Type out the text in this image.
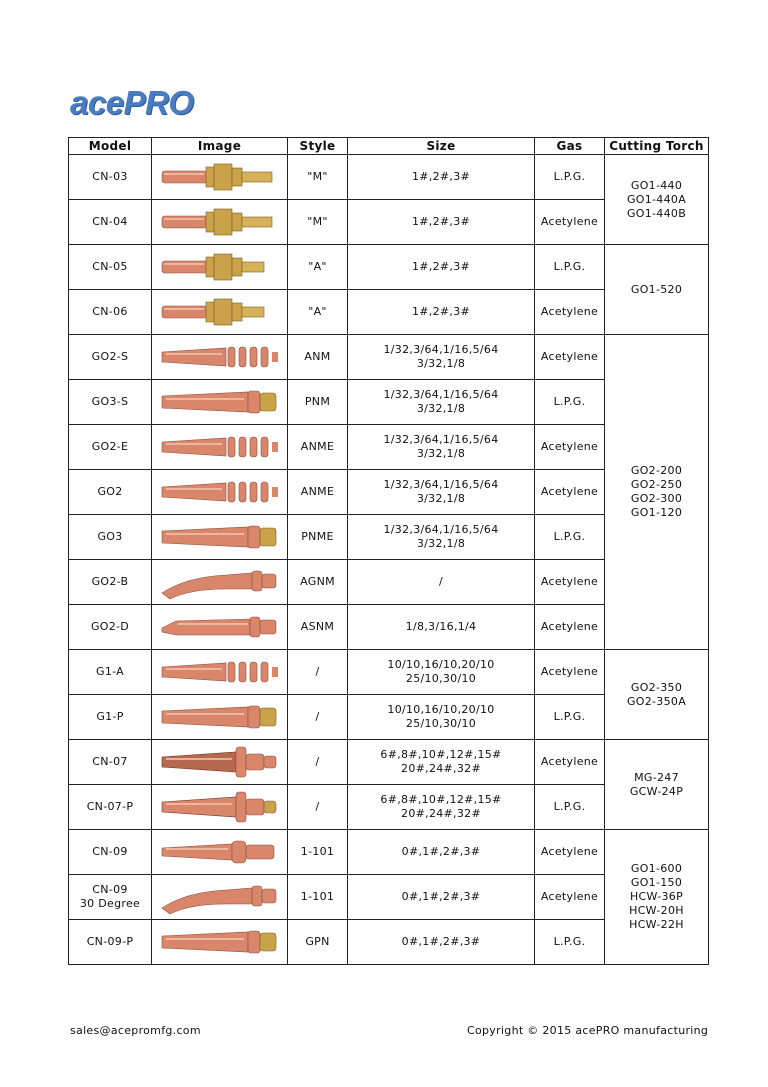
acePRO
Model	Image	Style	Size	Gas	Cutting Torch

CN-03		"M"	1#,2#,3#	L.P.G.	GO1-440
GO1-440A
GO1-440B

CN-04		"M"	1#,2#,3#	Acetylene	

CN-05		"A"	1#,2#,3#	L.P.G.	GO1-520

CN-06		"A"	1#,2#,3#	Acetylene	

GO2-S		ANM	1/32,3/64,1/16,5/64
3/32,1/8	Acetylene	GO2-200
GO2-250
GO2-300
GO1-120

GO3-S		PNM	1/32,3/64,1/16,5/64
3/32,1/8	L.P.G.	

GO2-E		ANME	1/32,3/64,1/16,5/64
3/32,1/8	Acetylene	

GO2		ANME	1/32,3/64,1/16,5/64
3/32,1/8	Acetylene	

GO3		PNME	1/32,3/64,1/16,5/64
3/32,1/8	L.P.G.	

GO2-B		AGNM	/	Acetylene	

GO2-D		ASNM	1/8,3/16,1/4	Acetylene	

G1-A		/	10/10,16/10,20/10
25/10,30/10	Acetylene	GO2-350
GO2-350A

G1-P		/	10/10,16/10,20/10
25/10,30/10	L.P.G.	

CN-07		/	6#,8#,10#,12#,15#
20#,24#,32#	Acetylene	MG-247
GCW-24P

CN-07-P		/	6#,8#,10#,12#,15#
20#,24#,32#	L.P.G.	

CN-09		1-101	0#,1#,2#,3#	Acetylene	GO1-600
GO1-150
HCW-36P
HCW-20H
HCW-22H

CN-09
30 Degree		1-101	0#,1#,2#,3#	Acetylene	

CN-09-P		GPN	0#,1#,2#,3#	L.P.G.	
sales@acepromfg.com	Copyright © 2015 acePRO manufacturing
